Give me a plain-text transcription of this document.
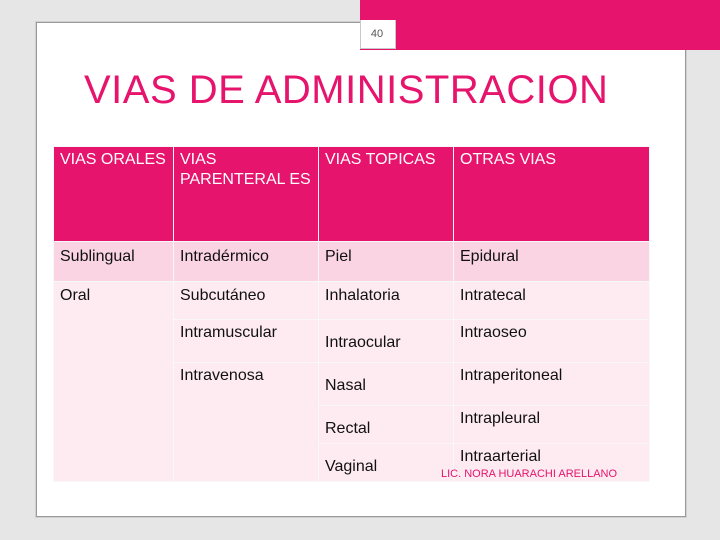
40
VIAS DE ADMINISTRACION
VIAS ORALES	VIAS PARENTERAL ES	VIAS TOPICAS	OTRAS VIAS
Sublingual	Intradérmico	Piel	Epidural
Oral	Subcutáneo	Inhalatoria	Intratecal
	Intramuscular	Intraocular	Intraoseo
	Intravenosa	Nasal	Intraperitoneal
		Rectal	Intrapleural
		Vaginal	Intraarterial
LIC. NORA HUARACHI ARELLANO
